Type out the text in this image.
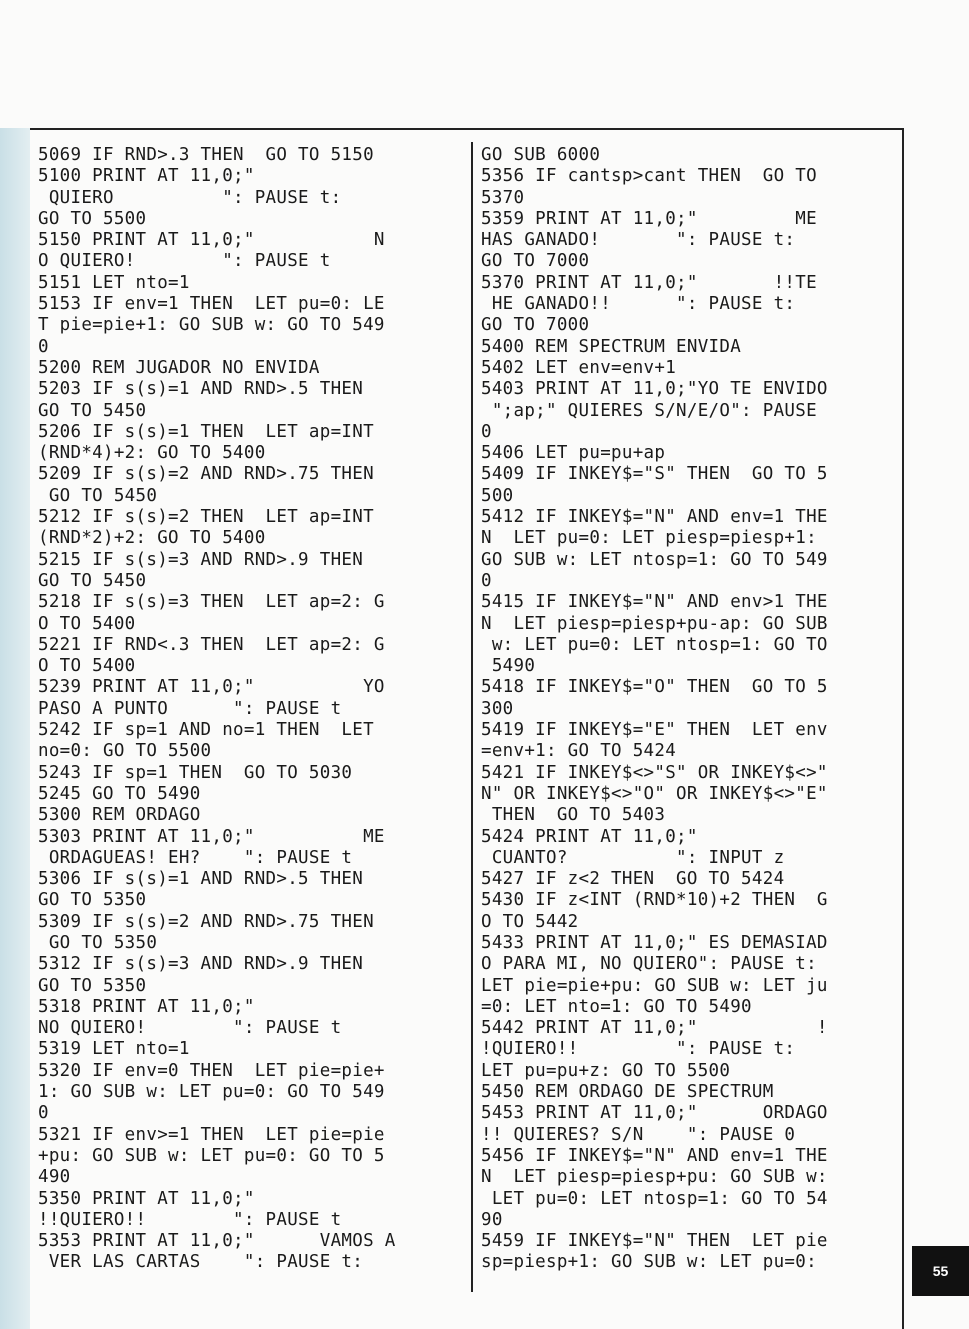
5069 IF RND>.3 THEN  GO TO 5150
5100 PRINT AT 11,0;"
QUIERO          ": PAUSE t:
GO TO 5500
5150 PRINT AT 11,0;"           N
O QUIERO!        ": PAUSE t
5151 LET nto=1
5153 IF env=1 THEN  LET pu=0: LE
T pie=pie+1: GO SUB w: GO TO 549
0
5200 REM JUGADOR NO ENVIDA
5203 IF s(s)=1 AND RND>.5 THEN
GO TO 5450
5206 IF s(s)=1 THEN  LET ap=INT
(RND*4)+2: GO TO 5400
5209 IF s(s)=2 AND RND>.75 THEN
GO TO 5450
5212 IF s(s)=2 THEN  LET ap=INT
(RND*2)+2: GO TO 5400
5215 IF s(s)=3 AND RND>.9 THEN
GO TO 5450
5218 IF s(s)=3 THEN  LET ap=2: G
O TO 5400
5221 IF RND<.3 THEN  LET ap=2: G
O TO 5400
5239 PRINT AT 11,0;"          YO
PASO A PUNTO      ": PAUSE t
5242 IF sp=1 AND no=1 THEN  LET
no=0: GO TO 5500
5243 IF sp=1 THEN  GO TO 5030
5245 GO TO 5490
5300 REM ORDAGO
5303 PRINT AT 11,0;"          ME
ORDAGUEAS! EH?    ": PAUSE t
5306 IF s(s)=1 AND RND>.5 THEN
GO TO 5350
5309 IF s(s)=2 AND RND>.75 THEN
GO TO 5350
5312 IF s(s)=3 AND RND>.9 THEN
GO TO 5350
5318 PRINT AT 11,0;"
NO QUIERO!        ": PAUSE t
5319 LET nto=1
5320 IF env=0 THEN  LET pie=pie+
1: GO SUB w: LET pu=0: GO TO 549
0
5321 IF env>=1 THEN  LET pie=pie
+pu: GO SUB w: LET pu=0: GO TO 5
490
5350 PRINT AT 11,0;"
!!QUIERO!!        ": PAUSE t
5353 PRINT AT 11,0;"      VAMOS A
VER LAS CARTAS    ": PAUSE t:
GO SUB 6000
5356 IF cantsp>cant THEN  GO TO
5370
5359 PRINT AT 11,0;"         ME
HAS GANADO!       ": PAUSE t:
GO TO 7000
5370 PRINT AT 11,0;"       !!TE
HE GANADO!!      ": PAUSE t:
GO TO 7000
5400 REM SPECTRUM ENVIDA
5402 LET env=env+1
5403 PRINT AT 11,0;"YO TE ENVIDO
";ap;" QUIERES S/N/E/O": PAUSE
0
5406 LET pu=pu+ap
5409 IF INKEY$="S" THEN  GO TO 5
500
5412 IF INKEY$="N" AND env=1 THE
N  LET pu=0: LET piesp=piesp+1:
GO SUB w: LET ntosp=1: GO TO 549
0
5415 IF INKEY$="N" AND env>1 THE
N  LET piesp=piesp+pu-ap: GO SUB
w: LET pu=0: LET ntosp=1: GO TO
5490
5418 IF INKEY$="O" THEN  GO TO 5
300
5419 IF INKEY$="E" THEN  LET env
=env+1: GO TO 5424
5421 IF INKEY$<>"S" OR INKEY$<>"
N" OR INKEY$<>"O" OR INKEY$<>"E"
THEN  GO TO 5403
5424 PRINT AT 11,0;"
CUANTO?          ": INPUT z
5427 IF z<2 THEN  GO TO 5424
5430 IF z<INT (RND*10)+2 THEN  G
O TO 5442
5433 PRINT AT 11,0;" ES DEMASIAD
O PARA MI, NO QUIERO": PAUSE t:
LET pie=pie+pu: GO SUB w: LET ju
=0: LET nto=1: GO TO 5490
5442 PRINT AT 11,0;"           !
!QUIERO!!         ": PAUSE t:
LET pu=pu+z: GO TO 5500
5450 REM ORDAGO DE SPECTRUM
5453 PRINT AT 11,0;"      ORDAGO
!! QUIERES? S/N    ": PAUSE 0
5456 IF INKEY$="N" AND env=1 THE
N  LET piesp=piesp+pu: GO SUB w:
LET pu=0: LET ntosp=1: GO TO 54
90
5459 IF INKEY$="N" THEN  LET pie
sp=piesp+1: GO SUB w: LET pu=0:	55
